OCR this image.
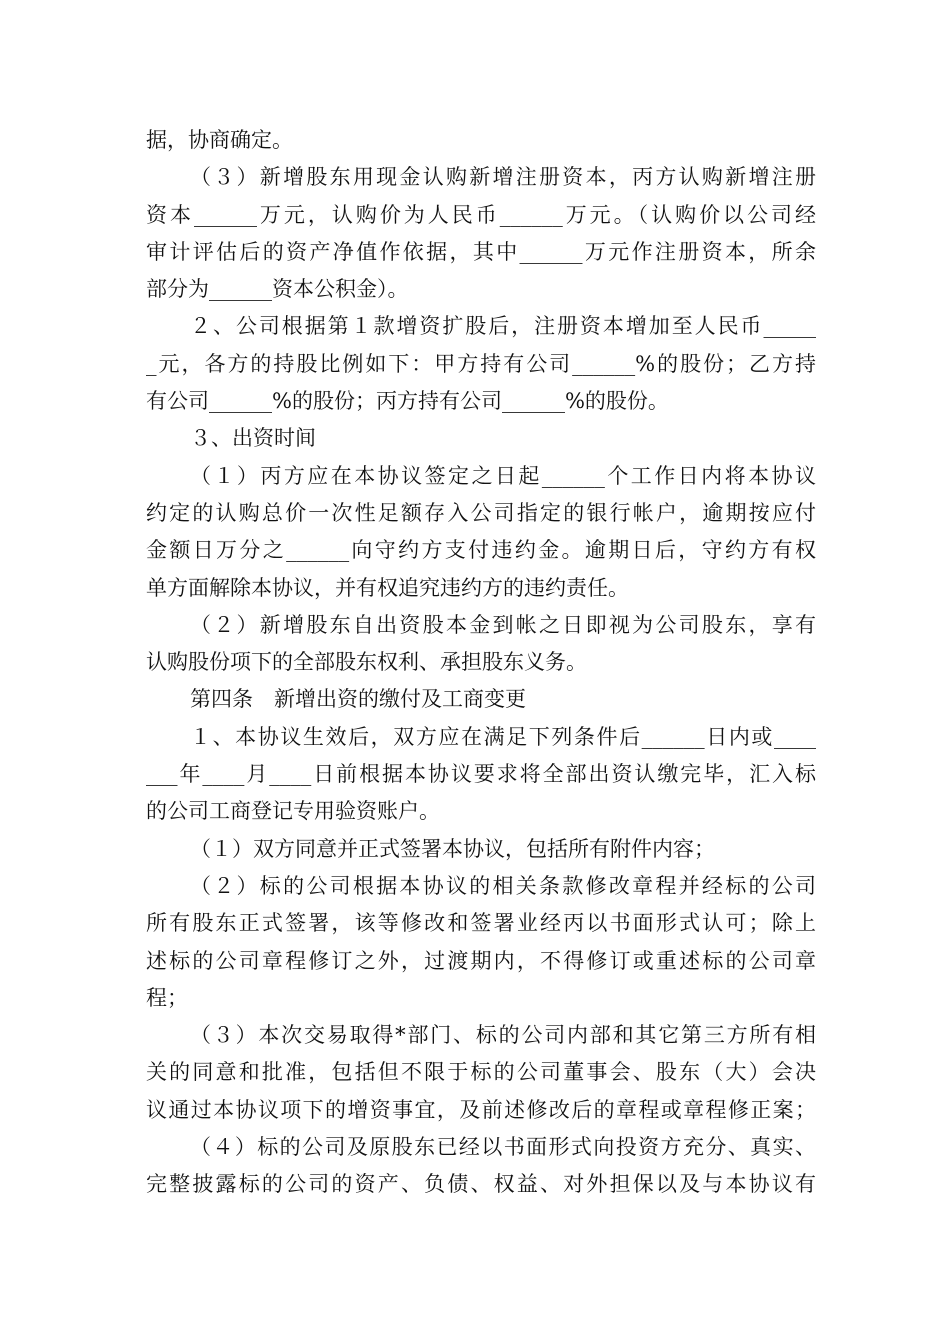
据，协商确定。
（３）新增股东用现金认购新增注册资本，丙方认购新增注册
资本______万元，认购价为人民币______万元。（认购价以公司经
审计评估后的资产净值作依据，其中______万元作注册资本，所余
部分为______资本公积金）。
２、公司根据第１款增资扩股后，注册资本增加至人民币_____
_元，各方的持股比例如下：甲方持有公司______%的股份；乙方持
有公司______%的股份；丙方持有公司______%的股份。
３、出资时间
（１）丙方应在本协议签定之日起______个工作日内将本协议
约定的认购总价一次性足额存入公司指定的银行帐户，逾期按应付
金额日万分之______向守约方支付违约金。逾期日后，守约方有权
单方面解除本协议，并有权追究违约方的违约责任。
（２）新增股东自出资股本金到帐之日即视为公司股东，享有
认购股份项下的全部股东权利、承担股东义务。
第四条　新增出资的缴付及工商变更
１、本协议生效后，双方应在满足下列条件后______日内或____
___年____月____日前根据本协议要求将全部出资认缴完毕，汇入标
的公司工商登记专用验资账户。
（１）双方同意并正式签署本协议，包括所有附件内容；
（２）标的公司根据本协议的相关条款修改章程并经标的公司
所有股东正式签署，该等修改和签署业经丙以书面形式认可；除上
述标的公司章程修订之外，过渡期内，不得修订或重述标的公司章
程；
（３）本次交易取得*部门、标的公司内部和其它第三方所有相
关的同意和批准，包括但不限于标的公司董事会、股东（大）会决
议通过本协议项下的增资事宜，及前述修改后的章程或章程修正案；
（４）标的公司及原股东已经以书面形式向投资方充分、真实、
完整披露标的公司的资产、负债、权益、对外担保以及与本协议有
